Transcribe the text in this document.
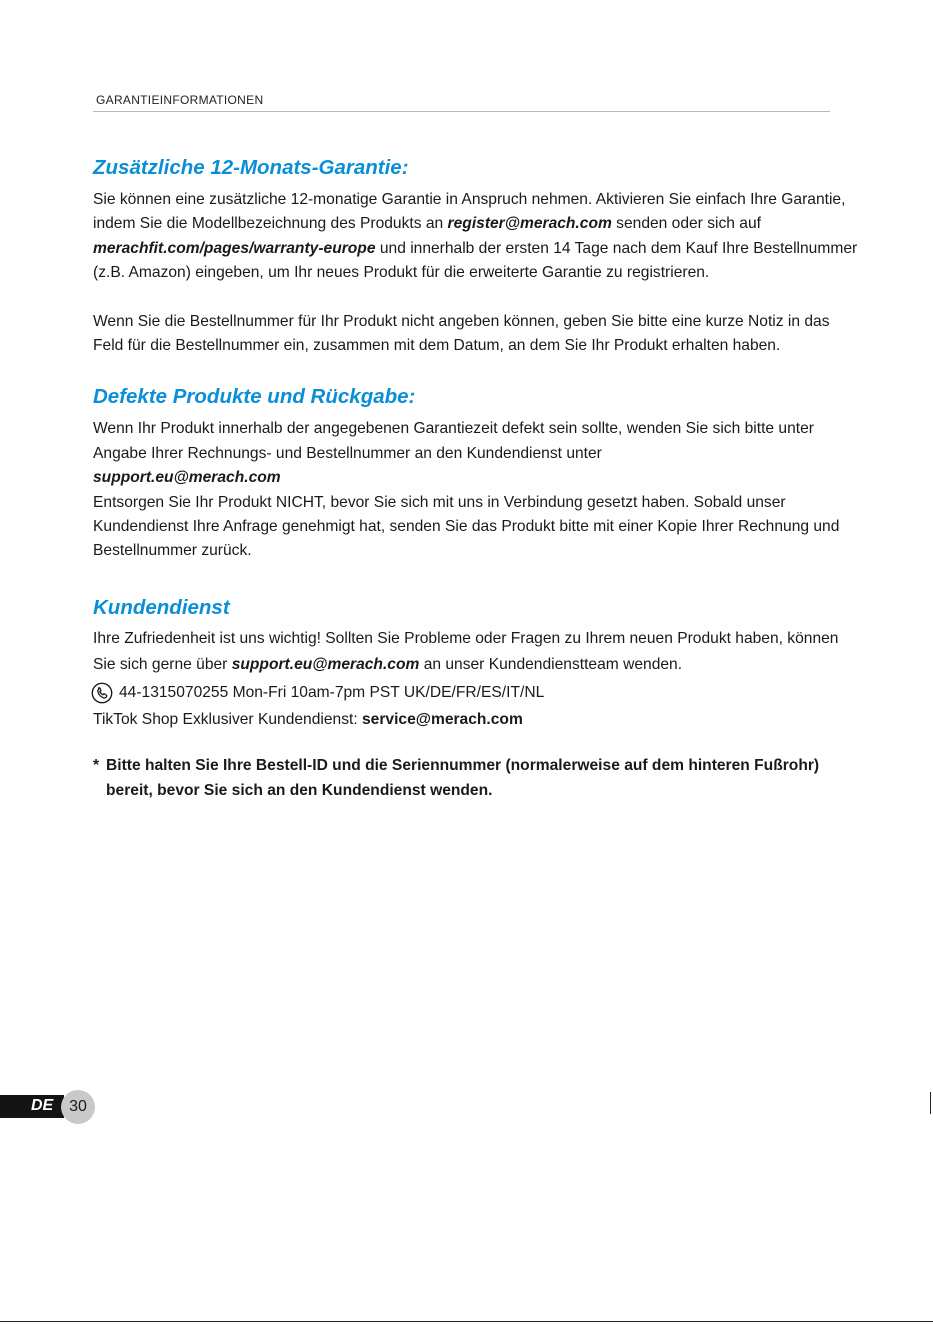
GARANTIEINFORMATIONEN
Zusätzliche 12-Monats-Garantie:

Sie können eine zusätzliche 12-monatige Garantie in Anspruch nehmen. Aktivieren Sie einfach Ihre Garantie, indem Sie die Modellbezeichnung des Produkts an register@merach.com senden oder sich auf merachfit.com/pages/warranty-europe und innerhalb der ersten 14 Tage nach dem Kauf Ihre Bestellnummer (z.B. Amazon) eingeben, um Ihr neues Produkt für die erweiterte Garantie zu registrieren.

Wenn Sie die Bestellnummer für Ihr Produkt nicht angeben können, geben Sie bitte eine kurze Notiz in das Feld für die Bestellnummer ein, zusammen mit dem Datum, an dem Sie Ihr Produkt erhalten haben.

Defekte Produkte und Rückgabe:

Wenn Ihr Produkt innerhalb der angegebenen Garantiezeit defekt sein sollte, wenden Sie sich bitte unter Angabe Ihrer Rechnungs- und Bestellnummer an den Kundendienst unter
support.eu@merach.com
Entsorgen Sie Ihr Produkt NICHT, bevor Sie sich mit uns in Verbindung gesetzt haben. Sobald unser Kundendienst Ihre Anfrage genehmigt hat, senden Sie das Produkt bitte mit einer Kopie Ihrer Rechnung und Bestellnummer zurück.

Kundendienst

Ihre Zufriedenheit ist uns wichtig! Sollten Sie Probleme oder Fragen zu Ihrem neuen Produkt haben, können Sie sich gerne über support.eu@merach.com an unser Kundendienstteam wenden.

44-1315070255 Mon-Fri 10am-7pm PST UK/DE/FR/ES/IT/NL
TikTok Shop Exklusiver Kundendienst: service@merach.com
* Bitte halten Sie Ihre Bestell-ID und die Seriennummer (normalerweise auf dem hinteren Fußrohr) bereit, bevor Sie sich an den Kundendienst wenden.
DE 30
